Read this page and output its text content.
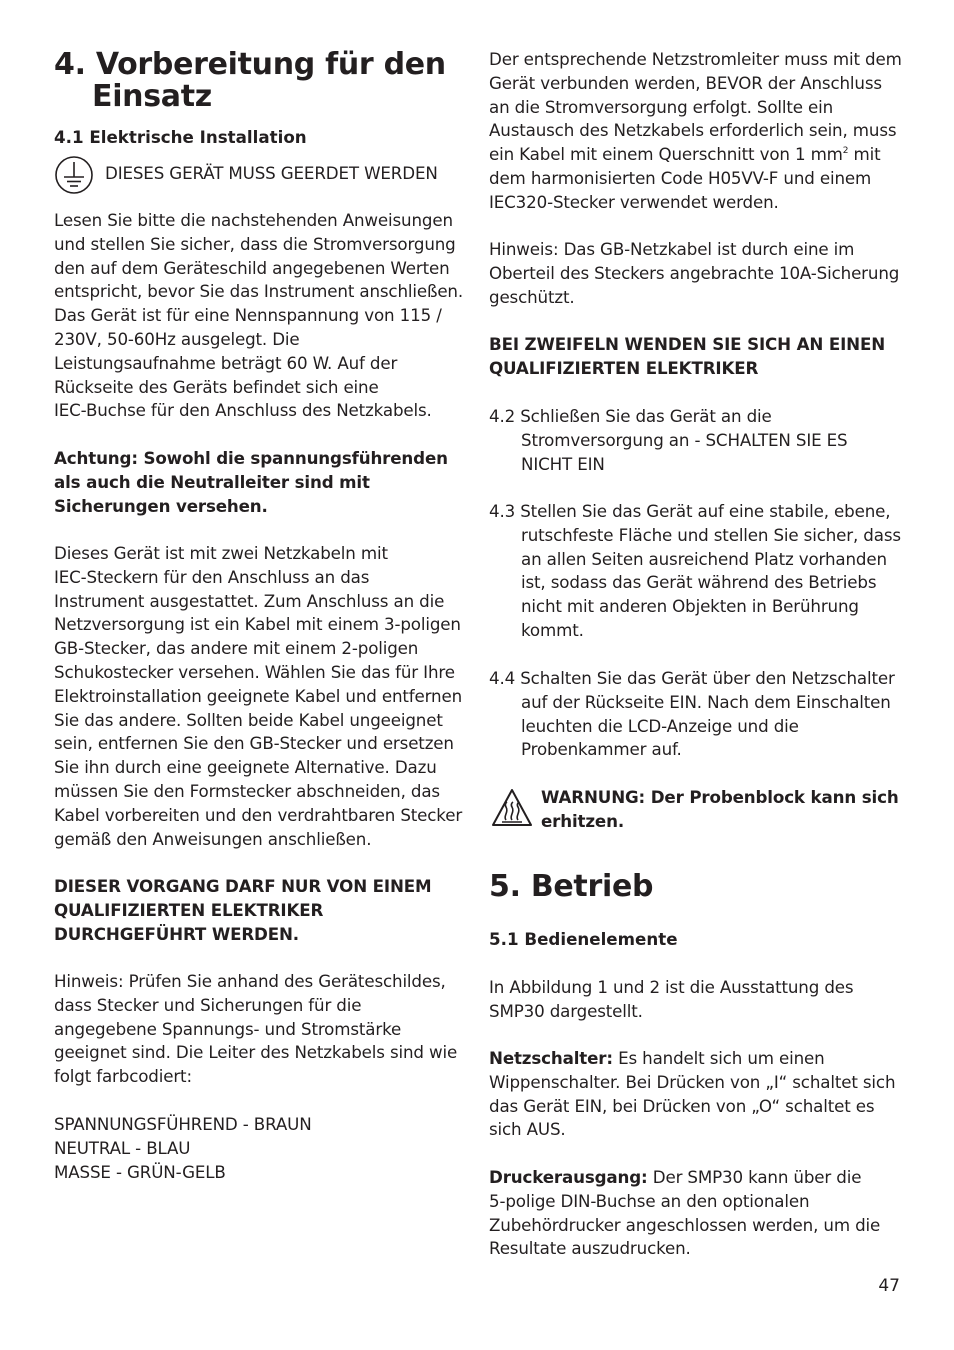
4. Vorbereitung für den
Einsatz
4.1 Elektrische Installation

DIESES GERÄT MUSS GEERDET WERDEN

Lesen Sie bitte die nachstehenden Anweisungen

und stellen Sie sicher, dass die Stromversorgung

den auf dem Geräteschild angegebenen Werten

entspricht, bevor Sie das Instrument anschließen.

Das Gerät ist für eine Nennspannung von 115 /

230V, 50-60Hz ausgelegt. Die

Leistungsaufnahme beträgt 60 W. Auf der

Rückseite des Geräts befindet sich eine

IEC-Buchse für den Anschluss des Netzkabels.

Achtung: Sowohl die spannungsführenden

als auch die Neutralleiter sind mit

Sicherungen versehen.

Dieses Gerät ist mit zwei Netzkabeln mit

IEC-Steckern für den Anschluss an das

Instrument ausgestattet. Zum Anschluss an die

Netzversorgung ist ein Kabel mit einem 3-poligen

GB-Stecker, das andere mit einem 2-poligen

Schukostecker versehen. Wählen Sie das für Ihre

Elektroinstallation geeignete Kabel und entfernen

Sie das andere. Sollten beide Kabel ungeeignet

sein, entfernen Sie den GB-Stecker und ersetzen

Sie ihn durch eine geeignete Alternative. Dazu

müssen Sie den Formstecker abschneiden, das

Kabel vorbereiten und den verdrahtbaren Stecker

gemäß den Anweisungen anschließen.

DIESER VORGANG DARF NUR VON EINEM

QUALIFIZIERTEN ELEKTRIKER

DURCHGEFÜHRT WERDEN.

Hinweis: Prüfen Sie anhand des Geräteschildes,

dass Stecker und Sicherungen für die

angegebene Spannungs- und Stromstärke

geeignet sind. Die Leiter des Netzkabels sind wie

folgt farbcodiert:

SPANNUNGSFÜHREND - BRAUN

NEUTRAL - BLAU

MASSE - GRÜN-GELB

Der entsprechende Netzstromleiter muss mit dem

Gerät verbunden werden, BEVOR der Anschluss

an die Stromversorgung erfolgt. Sollte ein

Austausch des Netzkabels erforderlich sein, muss

ein Kabel mit einem Querschnitt von 1 $mm^2$ mit

dem harmonisierten Code H05VV-F und einem

IEC320-Stecker verwendet werden.

Hinweis: Das GB-Netzkabel ist durch eine im

Oberteil des Steckers angebrachte 10A-Sicherung

geschützt.

BEI ZWEIFELN WENDEN SIE SICH AN EINEN

QUALIFIZIERTEN ELEKTRIKER

4.2 Schließen Sie das Gerät an die

Stromversorgung an - SCHALTEN SIE ES

NICHT EIN

4.3 Stellen Sie das Gerät auf eine stabile, ebene,

rutschfeste Fläche und stellen Sie sicher, dass

an allen Seiten ausreichend Platz vorhanden

ist, sodass das Gerät während des Betriebs

nicht mit anderen Objekten in Berührung

kommt.

4.4 Schalten Sie das Gerät über den Netzschalter

auf der Rückseite EIN. Nach dem Einschalten

leuchten die LCD-Anzeige und die

Probenkammer auf.

WARNUNG: Der Probenblock kann sich

erhitzen.

5. Betrieb
5.1 Bedienelemente

In Abbildung 1 und 2 ist die Ausstattung des

SMP30 dargestellt.

Netzschalter: Es handelt sich um einen

Wippenschalter. Bei Drücken von „I“ schaltet sich

das Gerät EIN, bei Drücken von „O“ schaltet es

sich AUS.

Druckerausgang: Der SMP30 kann über die

5-polige DIN-Buchse an den optionalen

Zubehördrucker angeschlossen werden, um die

Resultate auszudrucken.

47
